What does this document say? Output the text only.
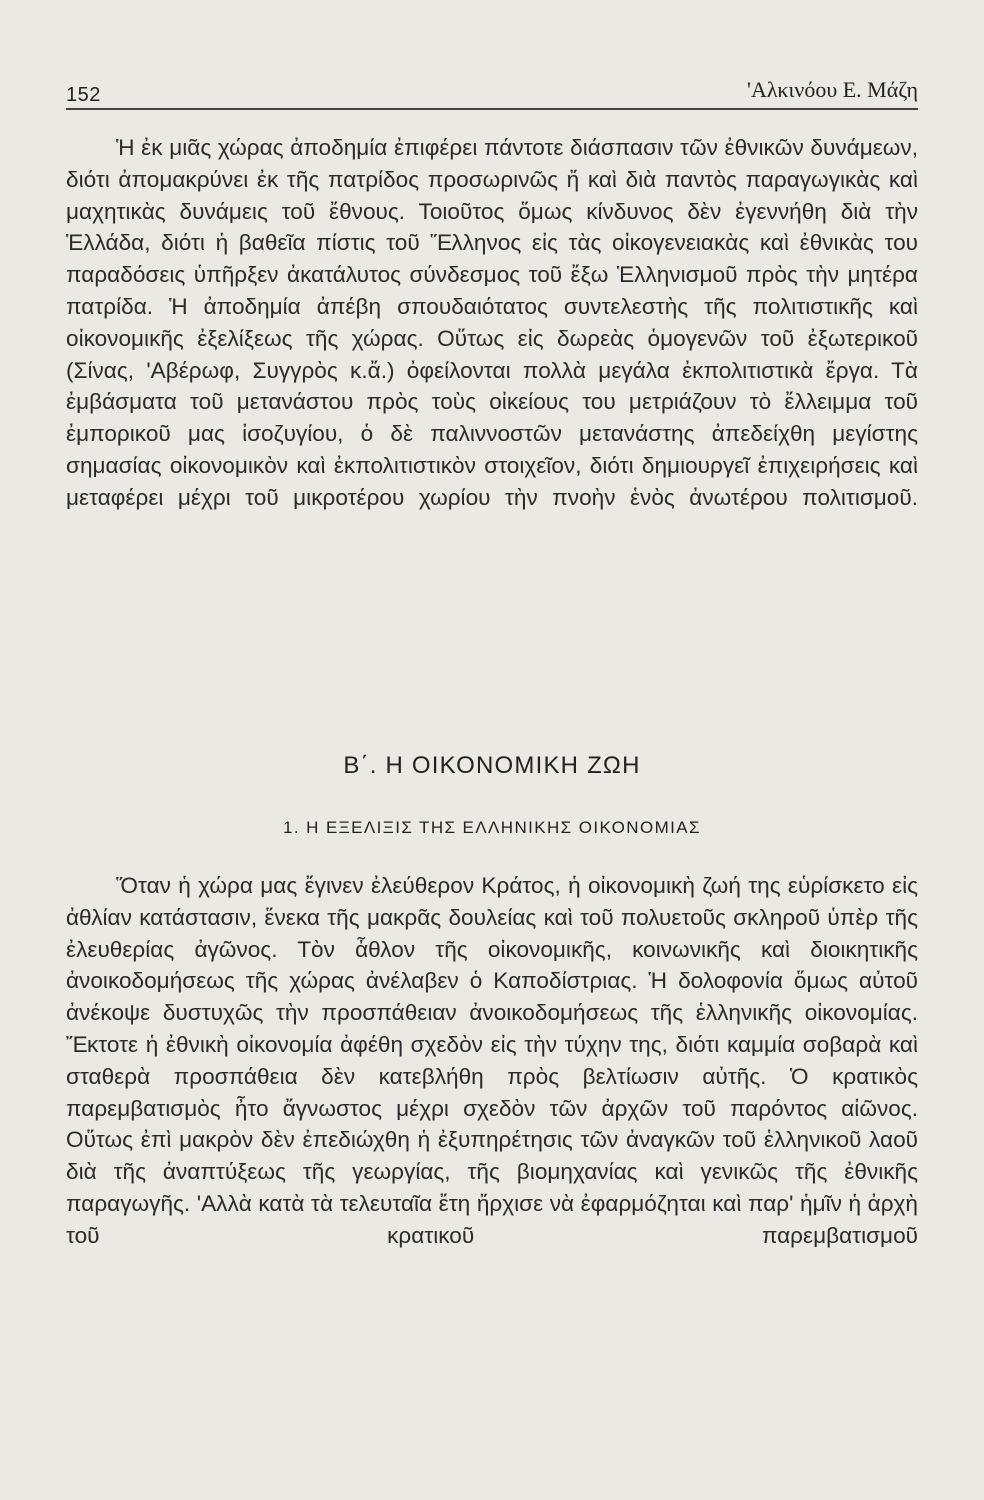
152	'Αλκινόου Ε. Μάζη

Ἡ ἐκ μιᾶς χώρας ἀποδημία ἐπιφέρει πάντοτε διάσπασιν τῶν ἐθνικῶν δυνάμεων, διότι ἀπομακρύνει ἐκ τῆς πατρίδος προσωρινῶς ἤ καὶ διὰ παντὸς παραγωγικὰς καὶ μαχητικὰς δυνάμεις τοῦ ἔθνους. Τοιοῦτος ὅμως κίνδυνος δὲν ἐγεννήθη διὰ τὴν Ἑλλάδα, διότι ἡ βαθεῖα πίστις τοῦ Ἕλληνος εἰς τὰς οἰκογενειακὰς καὶ ἐθνικὰς του παραδόσεις ὑπῆρξεν ἀκατάλυτος σύνδεσμος τοῦ ἔξω Ἑλληνισμοῦ πρὸς τὴν μητέρα πατρίδα. Ἡ ἀποδημία ἀπέβη σπουδαιότατος συντελεστὴς τῆς πολιτιστικῆς καὶ οἰκονομικῆς ἐξελίξεως τῆς χώρας. Οὕτως εἰς δωρεὰς ὁμογενῶν τοῦ ἐξωτερικοῦ (Σίνας, 'Αβέρωφ, Συγγρὸς κ.ἄ.) ὀφείλονται πολλὰ μεγάλα ἐκπολιτιστικὰ ἔργα. Τὰ ἐμβάσματα τοῦ μετανάστου πρὸς τοὺς οἰκείους του μετριάζουν τὸ ἔλλειμμα τοῦ ἐμπορικοῦ μας ἰσοζυγίου, ὁ δὲ παλιννοστῶν μετανάστης ἀπεδείχθη μεγίστης σημασίας οἰκονομικὸν καὶ ἐκπολιτιστικὸν στοιχεῖον, διότι δημιουργεῖ ἐπιχειρήσεις καὶ μεταφέρει μέχρι τοῦ μικροτέρου χωρίου τὴν πνοὴν ἑνὸς ἀνωτέρου πολιτισμοῦ.

Β΄. Η ΟΙΚΟΝΟΜΙΚΗ ΖΩΗ
1. Η ΕΞΕΛΙΞΙΣ ΤΗΣ ΕΛΛΗΝΙΚΗΣ ΟΙΚΟΝΟΜΙΑΣ

Ὅταν ἡ χώρα μας ἔγινεν ἐλεύθερον Κράτος, ἡ οἰκονομικὴ ζωή της εὑρίσκετο εἰς ἀθλίαν κατάστασιν, ἕνεκα τῆς μακρᾶς δουλείας καὶ τοῦ πολυετοῦς σκληροῦ ὑπὲρ τῆς ἐλευθερίας ἀγῶνος. Τὸν ἆθλον τῆς οἰκονομικῆς, κοινωνικῆς καὶ διοικητικῆς ἀνοικοδομήσεως τῆς χώρας ἀνέλαβεν ὁ Καποδίστριας. Ἡ δολοφονία ὅμως αὐτοῦ ἀνέκοψε δυστυχῶς τὴν προσπάθειαν ἀνοικοδομήσεως τῆς ἑλληνικῆς οἰκονομίας. Ἔκτοτε ἡ ἐθνικὴ οἰκονομία ἀφέθη σχεδὸν εἰς τὴν τύχην της, διότι καμμία σοβαρὰ καὶ σταθερὰ προσπάθεια δὲν κατεβλήθη πρὸς βελτίωσιν αὐτῆς. Ὁ κρατικὸς παρεμβατισμὸς ἦτο ἄγνωστος μέχρι σχεδὸν τῶν ἀρχῶν τοῦ παρόντος αἰῶνος. Οὕτως ἐπὶ μακρὸν δὲν ἐπεδιώχθη ἡ ἐξυπηρέτησις τῶν ἀναγκῶν τοῦ ἑλληνικοῦ λαοῦ διὰ τῆς ἀναπτύξεως τῆς γεωργίας, τῆς βιομηχανίας καὶ γενικῶς τῆς ἐθνικῆς παραγωγῆς. 'Αλλὰ κατὰ τὰ τελευταῖα ἔτη ἤρχισε νὰ ἐφαρμόζηται καὶ παρ' ἡμῖν ἡ ἀρχὴ τοῦ κρατικοῦ παρεμβατισμοῦ
